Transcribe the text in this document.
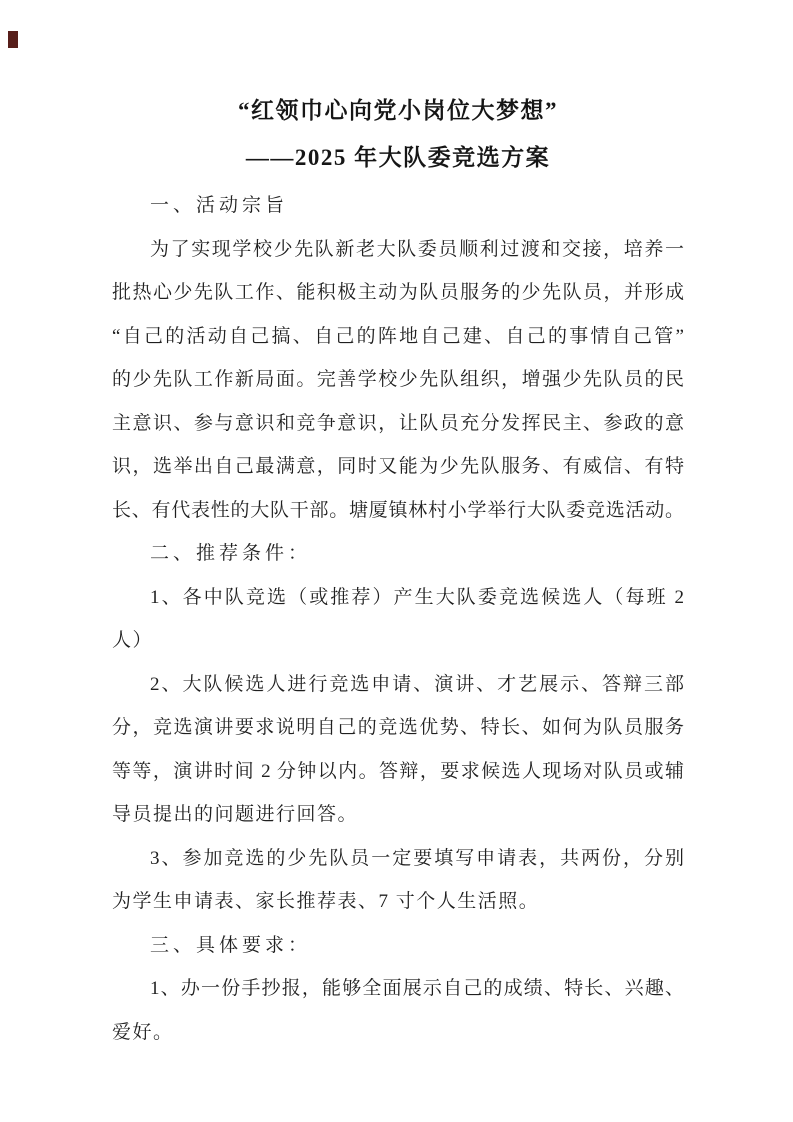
“红领巾心向党小岗位大梦想”
——2025 年大队委竞选方案
一、活动宗旨
为了实现学校少先队新老大队委员顺利过渡和交接，培养一
批热心少先队工作、能积极主动为队员服务的少先队员，并形成
“自己的活动自己搞、自己的阵地自己建、自己的事情自己管”
的少先队工作新局面。完善学校少先队组织，增强少先队员的民
主意识、参与意识和竞争意识，让队员充分发挥民主、参政的意
识，选举出自己最满意，同时又能为少先队服务、有威信、有特
长、有代表性的大队干部。塘厦镇林村小学举行大队委竞选活动。
二、推荐条件：
1、各中队竞选（或推荐）产生大队委竞选候选人（每班 2
人）
2、大队候选人进行竞选申请、演讲、才艺展示、答辩三部
分，竞选演讲要求说明自己的竞选优势、特长、如何为队员服务
等等，演讲时间 2 分钟以内。答辩，要求候选人现场对队员或辅
导员提出的问题进行回答。
3、参加竞选的少先队员一定要填写申请表，共两份，分别
为学生申请表、家长推荐表、7 寸个人生活照。
三、具体要求：
1、办一份手抄报，能够全面展示自己的成绩、特长、兴趣、
爱好。
